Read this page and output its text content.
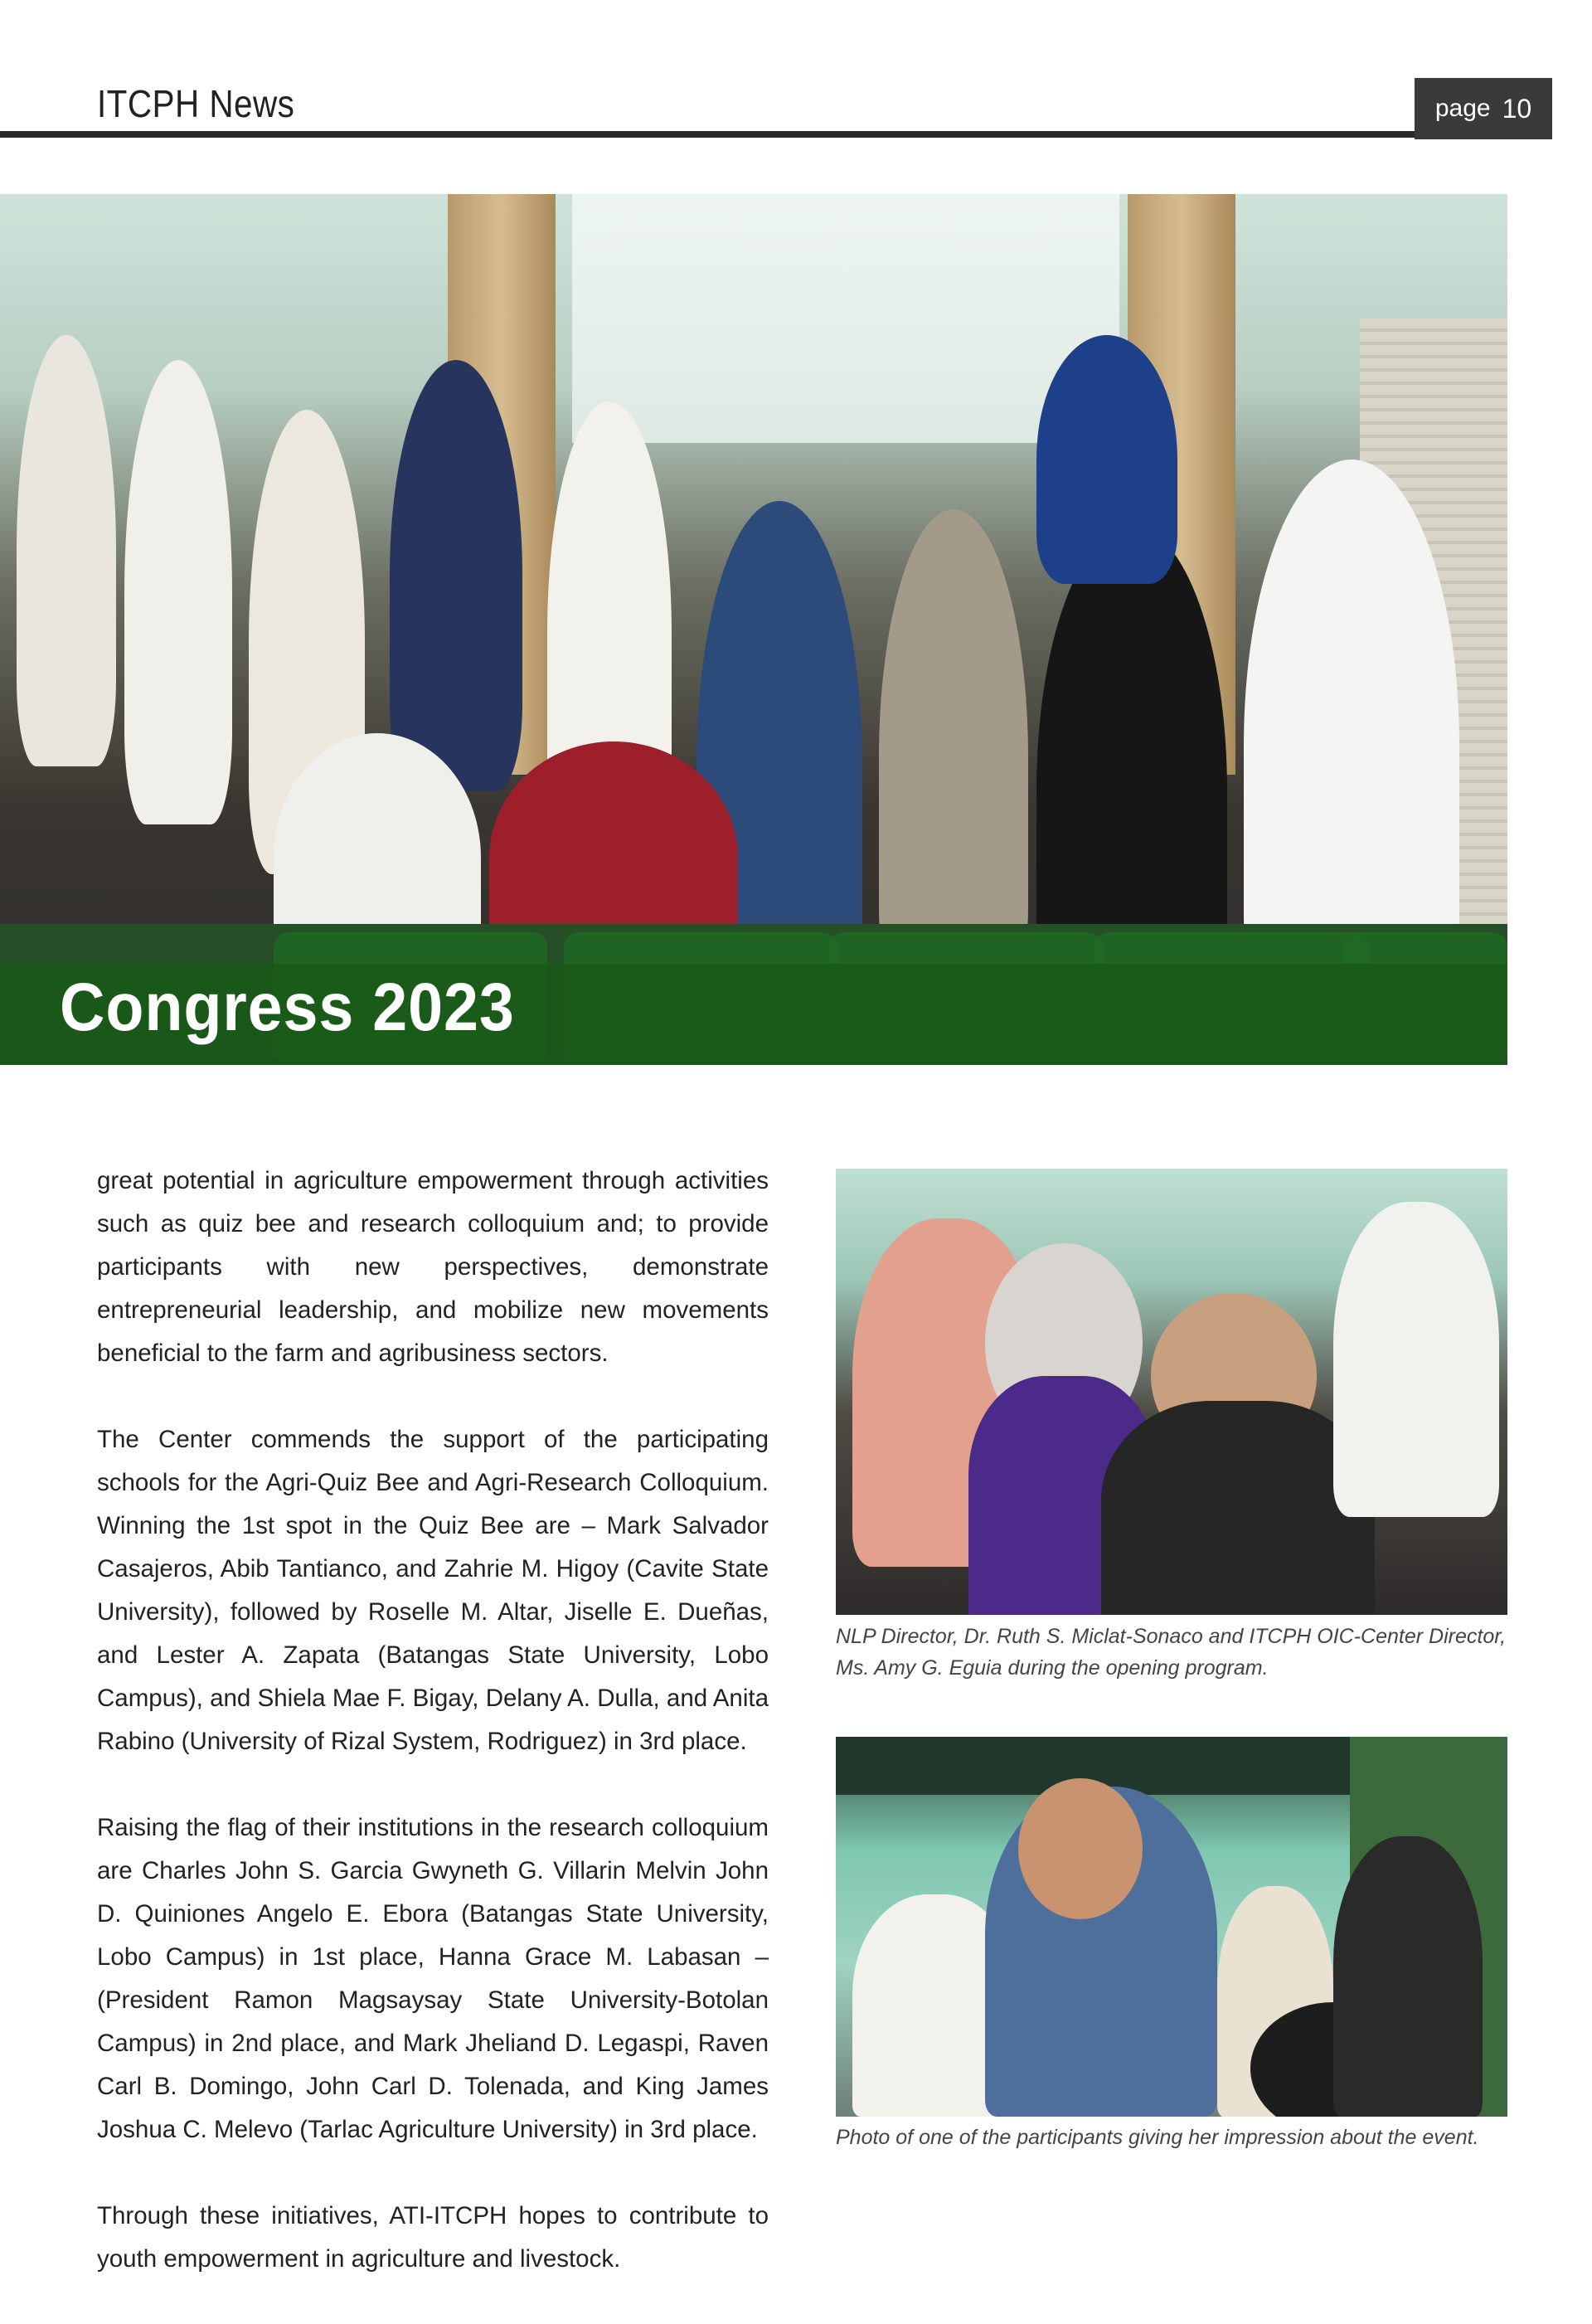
ITCPH News	page 10
Congress 2023

great potential in agriculture empowerment through activities such as quiz bee and research colloquium and; to provide participants with new perspectives, demonstrate entrepreneurial leadership, and mobilize new movements beneficial to the farm and agribusiness sectors.

The Center commends the support of the participating schools for the Agri-Quiz Bee and Agri-Research Colloquium. Winning the 1st spot in the Quiz Bee are – Mark Salvador Casajeros, Abib Tantianco, and Zahrie M. Higoy (Cavite State University), followed by Roselle M. Altar, Jiselle E. Dueñas, and Lester A. Zapata (Batangas State University, Lobo Campus), and Shiela Mae F. Bigay, Delany A. Dulla, and Anita Rabino (University of Rizal System, Rodriguez) in 3rd place.

Raising the flag of their institutions in the research colloquium are Charles John S. Garcia Gwyneth G. Villarin Melvin John D. Quiniones Angelo E. Ebora (Batangas State University, Lobo Campus) in 1st place, Hanna Grace M. Labasan –(President Ramon Magsaysay State University-Botolan Campus) in 2nd place, and Mark Jheliand D. Legaspi, Raven Carl B. Domingo, John Carl D. Tolenada, and King James Joshua C. Melevo (Tarlac Agriculture University) in 3rd place.

Through these initiatives, ATI-ITCPH hopes to contribute to youth empowerment in agriculture and livestock.

NLP Director, Dr. Ruth S. Miclat-Sonaco and ITCPH OIC-Center Director, Ms. Amy G. Eguia during the opening program.
Photo of one of the participants giving her impression about the event.
